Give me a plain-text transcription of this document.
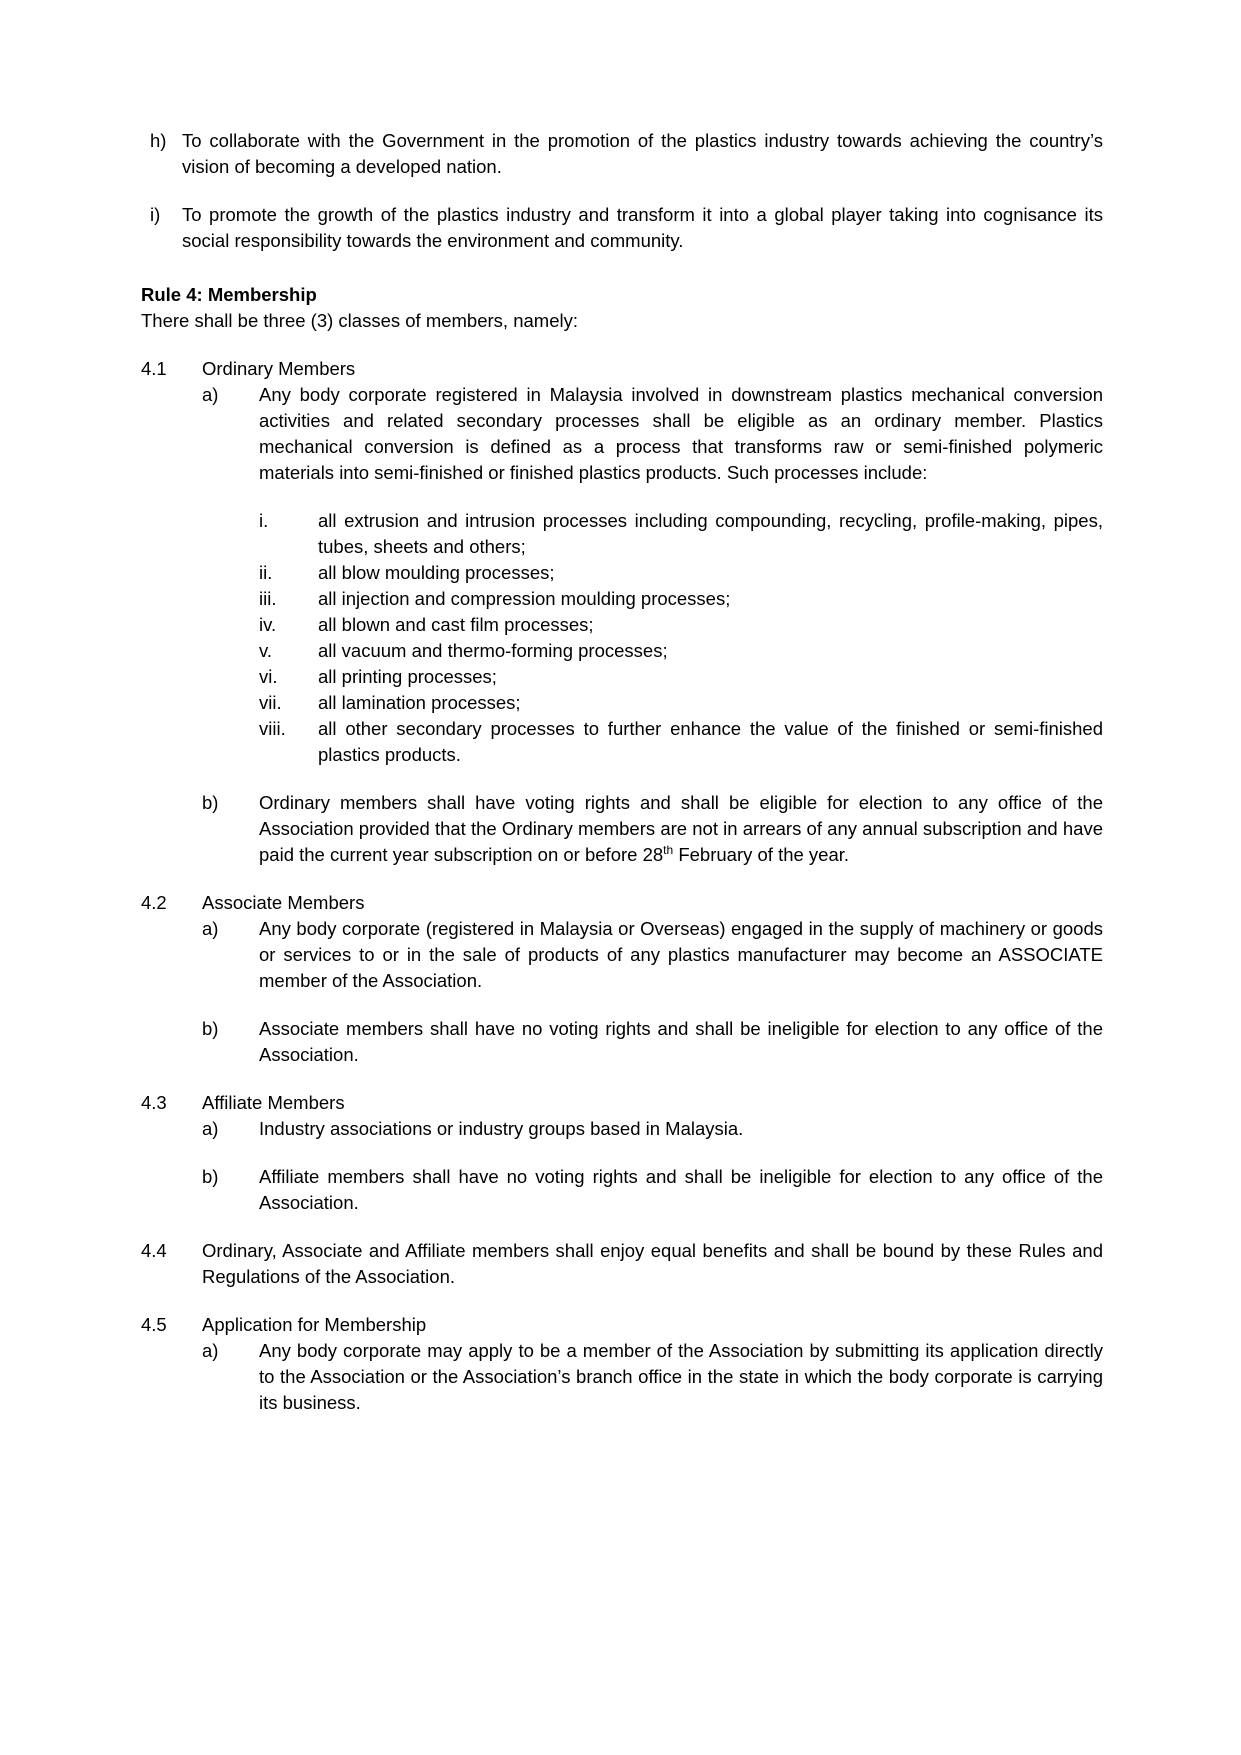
h) To collaborate with the Government in the promotion of the plastics industry towards achieving the country’s vision of becoming a developed nation.

i)	To promote the growth of the plastics industry and transform it into a global player taking into cognisance its social responsibility towards the environment and community.

Rule 4: Membership
There shall be three (3) classes of members, namely:
4.1	Ordinary Members

a)	Any body corporate registered in Malaysia involved in downstream plastics mechanical conversion activities and related secondary processes shall be eligible as an ordinary member. Plastics mechanical conversion is defined as a process that transforms raw or semi-finished polymeric materials into semi-finished or finished plastics products. Such processes include:

i.	all extrusion and intrusion processes including compounding, recycling, profile-making, pipes, tubes, sheets and others;

ii.	all blow moulding processes;

iii.	all injection and compression moulding processes;

iv.	all blown and cast film processes;

v.	all vacuum and thermo-forming processes;

vi.	all printing processes;

vii.	all lamination processes;

viii.	all other secondary processes to further enhance the value of the finished or semi-finished plastics products.

b)	Ordinary members shall have voting rights and shall be eligible for election to any office of the Association provided that the Ordinary members are not in arrears of any annual subscription and have paid the current year subscription on or before 28th February of the year.

4.2	Associate Members

a)	Any body corporate (registered in Malaysia or Overseas) engaged in the supply of machinery or goods or services to or in the sale of products of any plastics manufacturer may become an ASSOCIATE member of the Association.

b)	Associate members shall have no voting rights and shall be ineligible for election to any office of the Association.

4.3	Affiliate Members

a)	Industry associations or industry groups based in Malaysia.

b)	Affiliate members shall have no voting rights and shall be ineligible for election to any office of the Association.

4.4	Ordinary, Associate and Affiliate members shall enjoy equal benefits and shall be bound by these Rules and Regulations of the Association.

4.5	Application for Membership

a)	Any body corporate may apply to be a member of the Association by submitting its application directly to the Association or the Association’s branch office in the state in which the body corporate is carrying its business.
